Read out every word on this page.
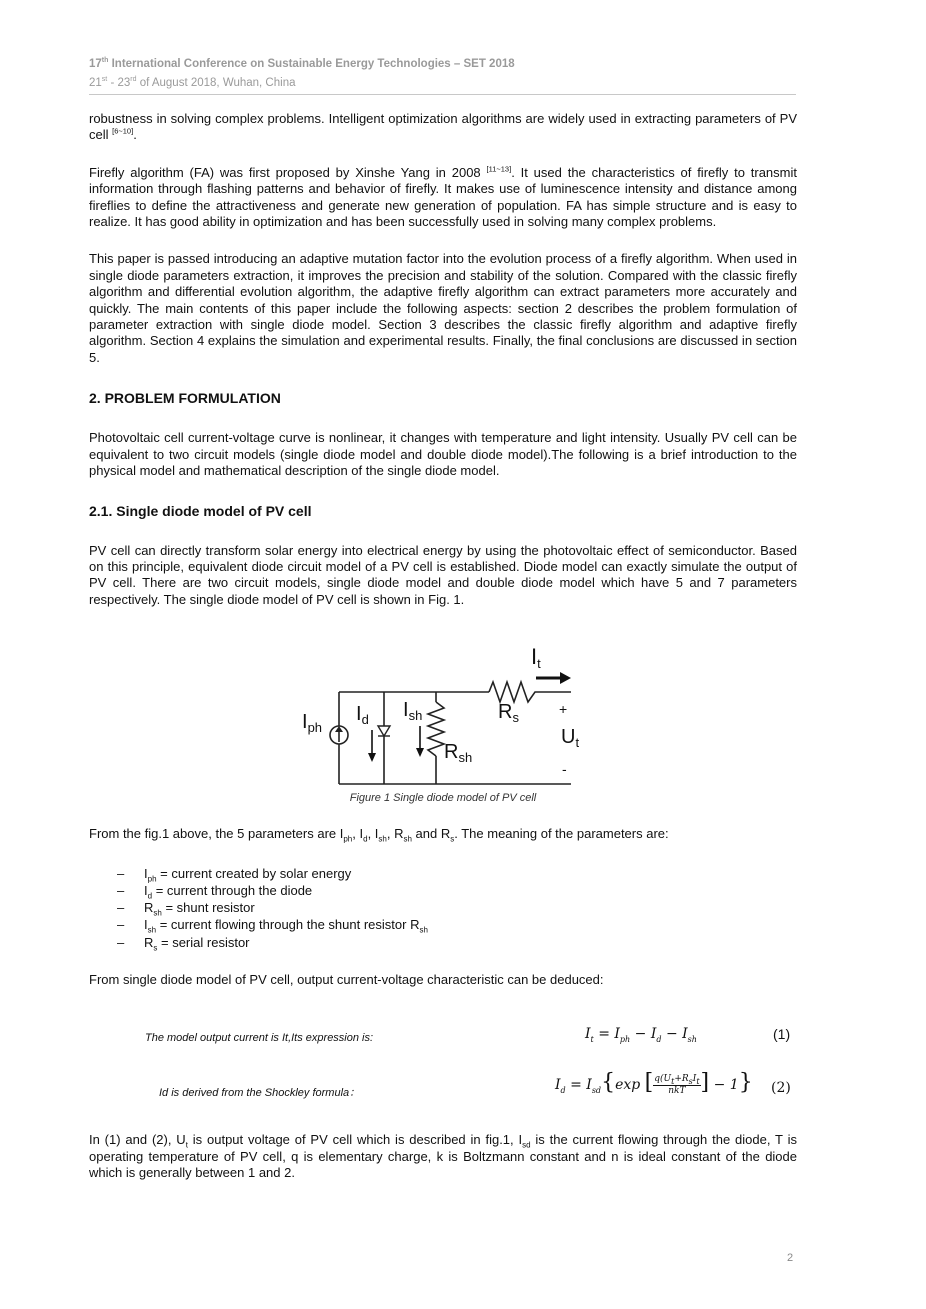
17th International Conference on Sustainable Energy Technologies – SET 2018
21st - 23rd of August 2018, Wuhan, China

robustness in solving complex problems. Intelligent optimization algorithms are widely used in extracting parameters of PV cell [6~10].

Firefly algorithm (FA) was first proposed by Xinshe Yang in 2008 [11~13]. It used the characteristics of firefly to transmit information through flashing patterns and behavior of firefly. It makes use of luminescence intensity and distance among fireflies to define the attractiveness and generate new generation of population. FA has simple structure and is easy to realize. It has good ability in optimization and has been successfully used in solving many complex problems.

This paper is passed introducing an adaptive mutation factor into the evolution process of a firefly algorithm. When used in single diode parameters extraction, it improves the precision and stability of the solution. Compared with the classic firefly algorithm and differential evolution algorithm, the adaptive firefly algorithm can extract parameters more accurately and quickly. The main contents of this paper include the following aspects: section 2 describes the problem formulation of parameter extraction with single diode model. Section 3 describes the classic firefly algorithm and adaptive firefly algorithm. Section 4 explains the simulation and experimental results. Finally, the final conclusions are discussed in section 5.

2. PROBLEM FORMULATION

Photovoltaic cell current-voltage curve is nonlinear, it changes with temperature and light intensity. Usually PV cell can be equivalent to two circuit models (single diode model and double diode model).The following is a brief introduction to the physical model and mathematical description of the single diode model.

2.1. Single diode model of PV cell

PV cell can directly transform solar energy into electrical energy by using the photovoltaic effect of semiconductor. Based on this principle, equivalent diode circuit model of a PV cell is established. Diode model can exactly simulate the output of PV cell. There are two circuit models, single diode model and double diode model which have 5 and 7 parameters respectively. The single diode model of PV cell is shown in Fig. 1.

$I_{ph}$
$I_d$ $I_{sh}$
$R_{sh}$
$R_s$
It
+
$U_t$
-
Figure 1 Single diode model of PV cell

From the fig.1 above, the 5 parameters are $I_{ph}$, $I_d$, $I_{sh}$, $R_{sh}$ and $R_s$. The meaning of the parameters are:

– $I_{ph}$ = current created by solar energy
– $I_d$ = current through the diode
– $R_{sh}$ = shunt resistor
– $I_{sh}$ = current flowing through the shunt resistor $R_{sh}$
– $R_s$ = serial resistor

From single diode model of PV cell, output current-voltage characteristic can be deduced:

The model output current is It,Its expression is:	$I_t = I_{ph} - I_d - I_{sh}$	(1)
Id is derived from the Shockley formula：	$I_d = I_{sd}\{\exp$ [ $q(U_t+R_sI_t$
nkT ] − 1} (2)

In (1) and (2), $U_t$ is output voltage of PV cell which is described in fig.1, $I_{sd}$ is the current flowing through the diode, T is operating temperature of PV cell, q is elementary charge, k is Boltzmann constant and n is ideal constant of the diode which is generally between 1 and 2.

2
